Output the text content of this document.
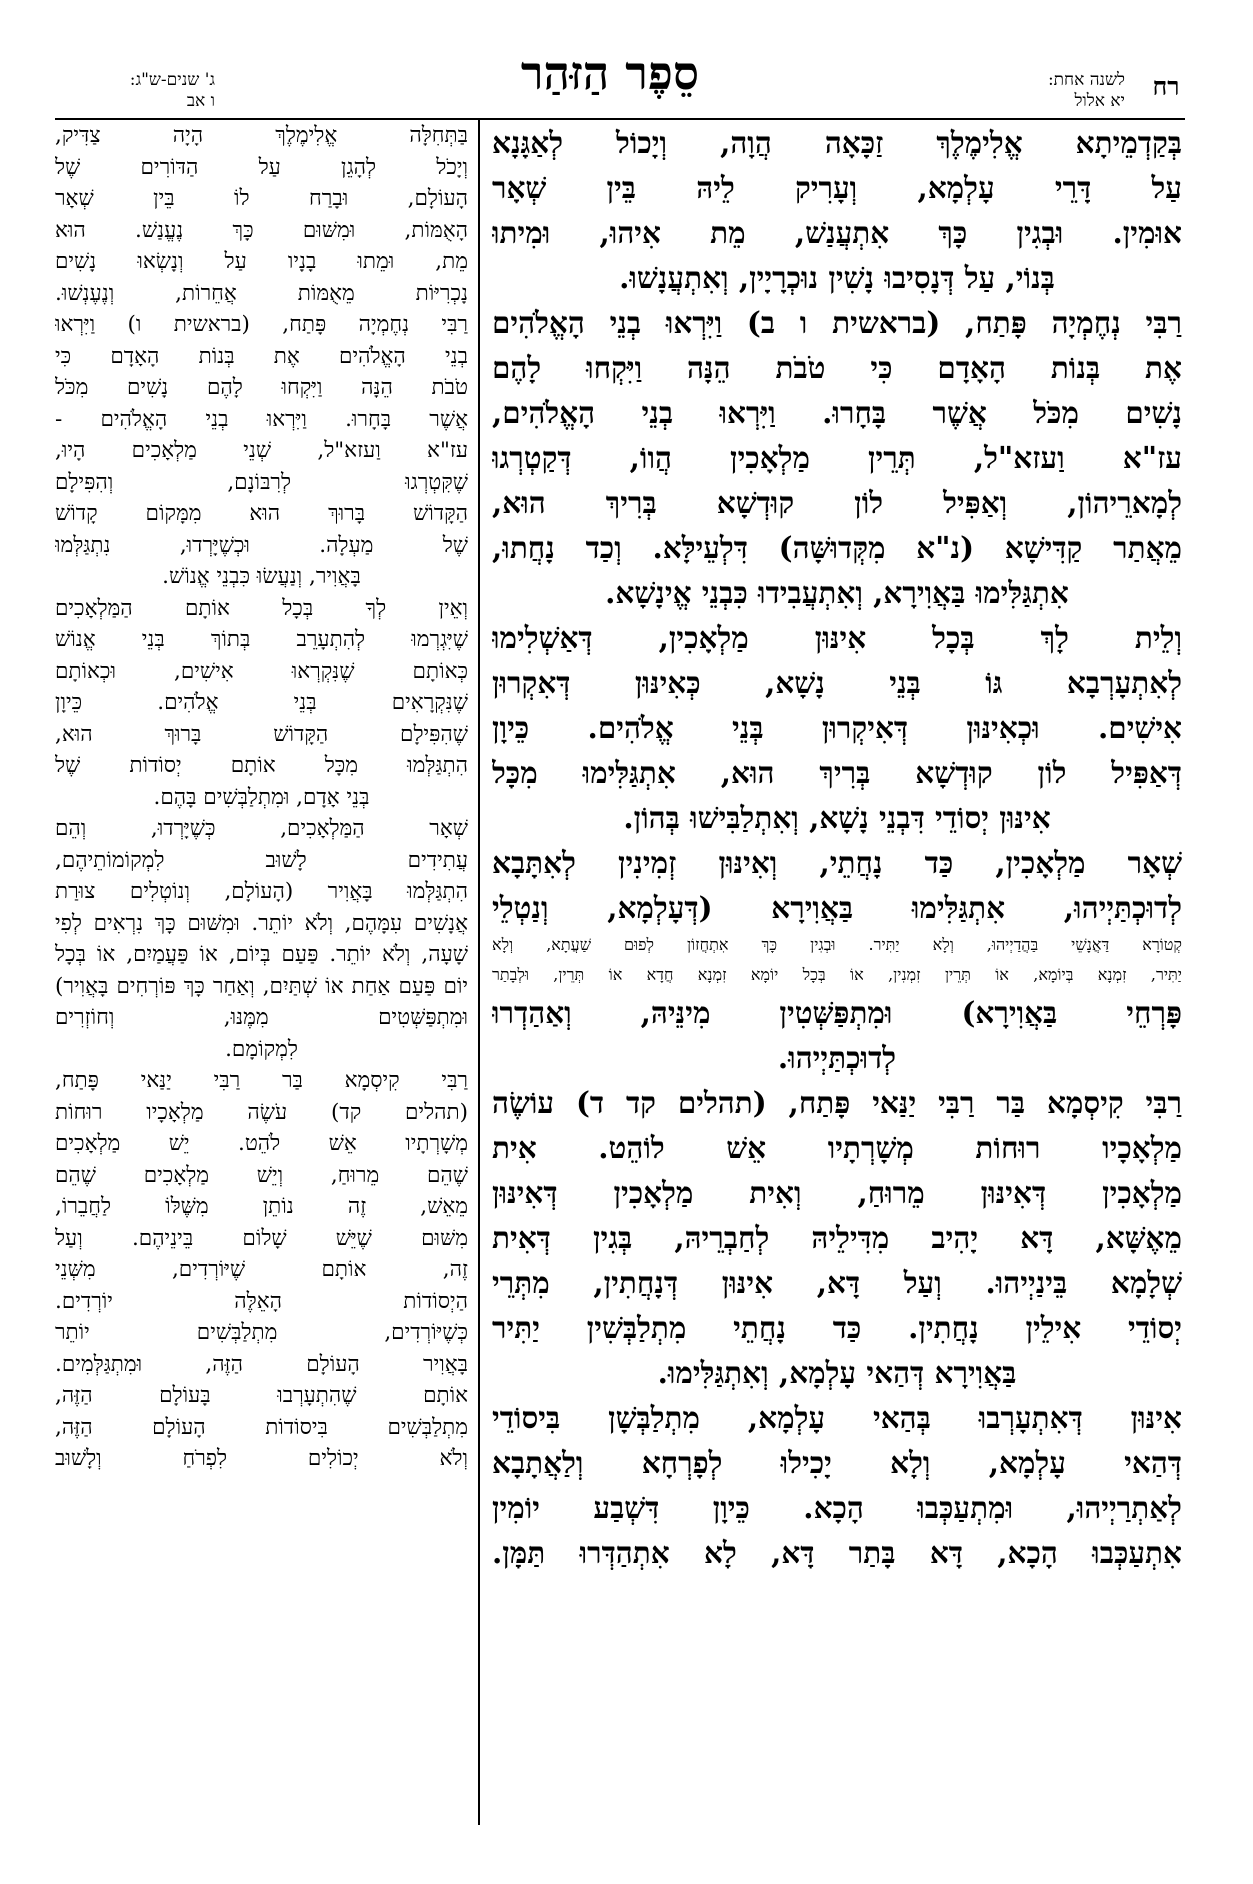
רח
לשנה אחת:
יא אלול
סֵפֶר הַזּהַר
ג' שנים-ש"ג:
ו אב
בְּקַדְמֵיתָא אֱלִימֶלֶךְ זַכָּאָה הֲוָה, וְיָכוֹל לְאַגָּנָא
עַל דָּרֵי עָלְמָא, וְעָרִיק לֵיהּ בֵּין שְׁאָר
אוּמִין. וּבְגִין כָּךְ אִתְעֲנַשׁ, מֵת אִיהוּ, וּמִיתוּ
בְּנוֹי, עַל דְּנָסִיבוּ נָשִׁין נוּכְרָיָין, וְאִתְעֲנָשׁוּ.
רַבִּי נְחֶמְיָה פָּתַח, (בראשית ו ב) וַיִּרְאוּ בְנֵי הָאֱלֹהִים
אֶת בְּנוֹת הָאָדָם כִּי טֹבֹת הֵנָּה וַיִּקְחוּ לָהֶם
נָשִׁים מִכֹּל אֲשֶׁר בָּחָרוּ. וַיִּרְאוּ בְנֵי הָאֱלֹהִים,
עז"א וַעזא"ל, תְּרֵין מַלְאָכִין הֲווֹ, דְּקַטְרְגוּ
לְמָארֵיהוֹן, וְאַפִּיל לוֹן קוּדְשָׁא בְּרִיךְ הוּא,
מֵאֲתַר קַדִּישָׁא (נ"א מִקְּדוּשָּׁה) דִּלְעֵילָּא. וְכַד נָחֲתוּ,
אִתְגַּלִּימוּ בַּאֲוִירָא, וְאִתְעֲבִידוּ כִּבְנֵי אֱינָשָׁא.
וְלֵית לָךְ בְּכָל אִינּוּן מַלְאָכִין, דְּאַשְׁלִימוּ
לְאִתְעָרְבָא גּוֹ בְּנֵי נָשָׁא, כְּאִינּוּן דְּאִקְרוּן
אִישִׁים. וּכְאִינּוּן דְּאִיקְרוּן בְּנֵי אֱלֹהִים. כֵּיוָן
דְּאַפִּיל לוֹן קוּדְשָׁא בְּרִיךְ הוּא, אִתְגַּלִּימוּ מִכָּל
אִינּוּן יְסוֹדֵי דִּבְנֵי נָשָׁא, וְאִתְלַבִּישׁוּ בְּהוֹן.
שְׁאָר מַלְאָכִין, כַּד נָחֲתֵי, וְאִינּוּן זְמִינִין לְאִתָּבָא
לְדוּכְתַּיְיהוּ, אִתְגַּלִּימוּ בַּאֲוִירָא (דְּעָלְמָא, וְנַטְלֵי
קְטוֹרָא דַּאֲנָשֵׁי בַּהֲדַיְיהוּ, וְלָא יַתִּיר. וּבְגִין כָּךְ אִתְחֲזוֹן לְפוּם שַׁעֲתָא, וְלָא
יַתִּיר, זִמְנָא בְּיוֹמָא, אוֹ תְּרֵין זִמְנִין, אוֹ בְּכָל יוֹמָא זִמְנָא חֲדָא אוֹ תְּרֵין, וּלְבָתַר
פָּרְחֵי בַּאֲוִירָא) וּמִתְפַּשְּׁטִין מִינֵּיהּ, וְאַהַדְרוּ
לְדוּכְתַּיְיהוּ.
רַבִּי קִיסְמָא בַּר רַבִּי יַנַּאי פָּתַח, (תהלים קד ד) עוֹשֶׂה
מַלְאָכָיו רוּחוֹת מְשָׁרְתָיו אֵשׁ לוֹהֵט. אִית
מַלְאָכִין דְּאִינּוּן מֵרוּחַ, וְאִית מַלְאָכִין דְּאִינּוּן
מֵאֶשָּׁא, דָּא יָהִיב מִדִּילֵיהּ לְחַבְרֵיהּ, בְּגִין דְּאִית
שְׁלָמָא בֵּינַיְיהוּ. וְעַל דָּא, אִינּוּן דְּנָחֲתִין, מִתְּרֵי
יְסוֹדֵי אִילֵין נָחֲתִין. כַּד נָחֲתֵי מִתְלַבְּשִׁין יַתִּיר
בַּאֲוִירָא דְּהַאי עָלְמָא, וְאִתְגַּלִּימוּ.
אִינּוּן דְּאִתְעָרְבוּ בְּהַאי עָלְמָא, מִתְלַבְּשָׁן בִּיסוֹדֵי
דְּהַאי עָלְמָא, וְלָא יָכִילוּ לְפָרְחָא וְלַאֲתָבָא
לְאַתְרַיְיהוּ, וּמִתְעַכְּבוּ הָכָא. כֵּיוָן דִּשְׁבַע יוֹמִין
אִתְעַכְּבוּ הָכָא, דָּא בָּתַר דָּא, לָא אִתְהַדְּרוּ תַּמָּן.
בַּתְּחִלָּה אֱלִימֶלֶךְ הָיָה צַדִּיק,
וְיָכֹל לְהָגֵן עַל הַדּוֹרִים שֶׁל
הָעוֹלָם, וּבָרַח לוֹ בֵּין שְׁאָר
הָאֻמּוֹת, וּמִשּׁוּם כָּךְ נֶעֱנַשׁ. הוּא
מֵת, וּמֵתוּ בָנָיו עַל וְנָשְׂאוּ נָשִׁים
נָכְרִיּוֹת מֵאֻמּוֹת אֲחֵרוֹת, וְנֶעֶנְשׁוּ.
רַבִּי נְחֶמְיָה פָּתַח, (בראשית ו) וַיִּרְאוּ
בְנֵי הָאֱלֹהִים אֶת בְּנוֹת הָאָדָם כִּי
טֹבֹת הֵנָּה וַיִּקְחוּ לָהֶם נָשִׁים מִכֹּל
אֲשֶׁר בָּחָרוּ. וַיִּרְאוּ בְנֵי הָאֱלֹהִים -
עז"א וַעזא"ל, שְׁנֵי מַלְאָכִים הָיוּ,
שֶׁקִּטְרְגוּ לְרִבּוֹנָם, וְהִפִּילָם
הַקָּדוֹשׁ בָּרוּךְ הוּא מִמָּקוֹם קָדוֹשׁ
שֶׁל מַעְלָה. וּכְשֶׁיָּרְדוּ, נִתְגַּלְּמוּ
בָּאֲוִיר, וְנַעֲשׂוּ כִּבְנֵי אֱנוֹשׁ.
וְאֵין לְךָ בְּכָל אוֹתָם הַמַּלְאָכִים
שֶׁיִּגְרְמוּ לְהִתְעָרֵב בְּתוֹךְ בְּנֵי אֱנוֹשׁ
כְּאוֹתָם שֶׁנִּקְרְאוּ אִישִׁים, וּכְאוֹתָם
שֶׁנִּקְרָאִים בְּנֵי אֱלֹהִים. כֵּיוָן
שֶׁהִפִּילָם הַקָּדוֹשׁ בָּרוּךְ הוּא,
הִתְגַּלְּמוּ מִכָּל אוֹתָם יְסוֹדוֹת שֶׁל
בְּנֵי אָדָם, וּמִתְלַבְּשִׁים בָּהֶם.
שְׁאָר הַמַּלְאָכִים, כְּשֶׁיָּרְדוּ, וְהֵם
עֲתִידִים לָשׁוּב לִמְקוֹמוֹתֵיהֶם,
הִתְגַּלְּמוּ בָּאֲוִיר (הָעוֹלָם, וְנוֹטְלִים צוּרַת
אֲנָשִׁים עִמָּהֶם, וְלֹא יוֹתֵר. וּמִשּׁוּם כָּךְ נִרְאִים לְפִי
שָׁעָה, וְלֹא יוֹתֵר. פַּעַם בְּיוֹם, אוֹ פַּעֲמַיִם, אוֹ בְּכָל
יוֹם פַּעַם אַחַת אוֹ שְׁתַּיִם, וְאַחַר כָּךְ פּוֹרְחִים בָּאֲוִיר)
וּמִתְפַּשְּׁטִים מִמֶּנּוּ, וְחוֹזְרִים
לִמְקוֹמָם.
רַבִּי קִיסְמָא בַּר רַבִּי יַנַּאי פָּתַח,
(תהלים קד) עֹשֶׂה מַלְאָכָיו רוּחוֹת
מְשָׁרְתָיו אֵשׁ לֹהֵט. יֵשׁ מַלְאָכִים
שֶׁהֵם מֵרוּחַ, וְיֵשׁ מַלְאָכִים שֶׁהֵם
מֵאֵשׁ, זֶה נוֹתֵן מִשֶּׁלּוֹ לַחֲבֵרוֹ,
מִשּׁוּם שֶׁיֵּשׁ שָׁלוֹם בֵּינֵיהֶם. וְעַל
זֶה, אוֹתָם שֶׁיּוֹרְדִים, מִשְּׁנֵי
הַיְסוֹדוֹת הָאֵלֶּה יוֹרְדִים.
כְּשֶׁיּוֹרְדִים, מִתְלַבְּשִׁים יוֹתֵר
בָּאֲוִיר הָעוֹלָם הַזֶּה, וּמִתְגַּלְּמִים.
אוֹתָם שֶׁהִתְעָרְבוּ בָּעוֹלָם הַזֶּה,
מִתְלַבְּשִׁים בִּיסוֹדוֹת הָעוֹלָם הַזֶּה,
וְלֹא יְכוֹלִים לִפְרֹחַ וְלָשׁוּב
